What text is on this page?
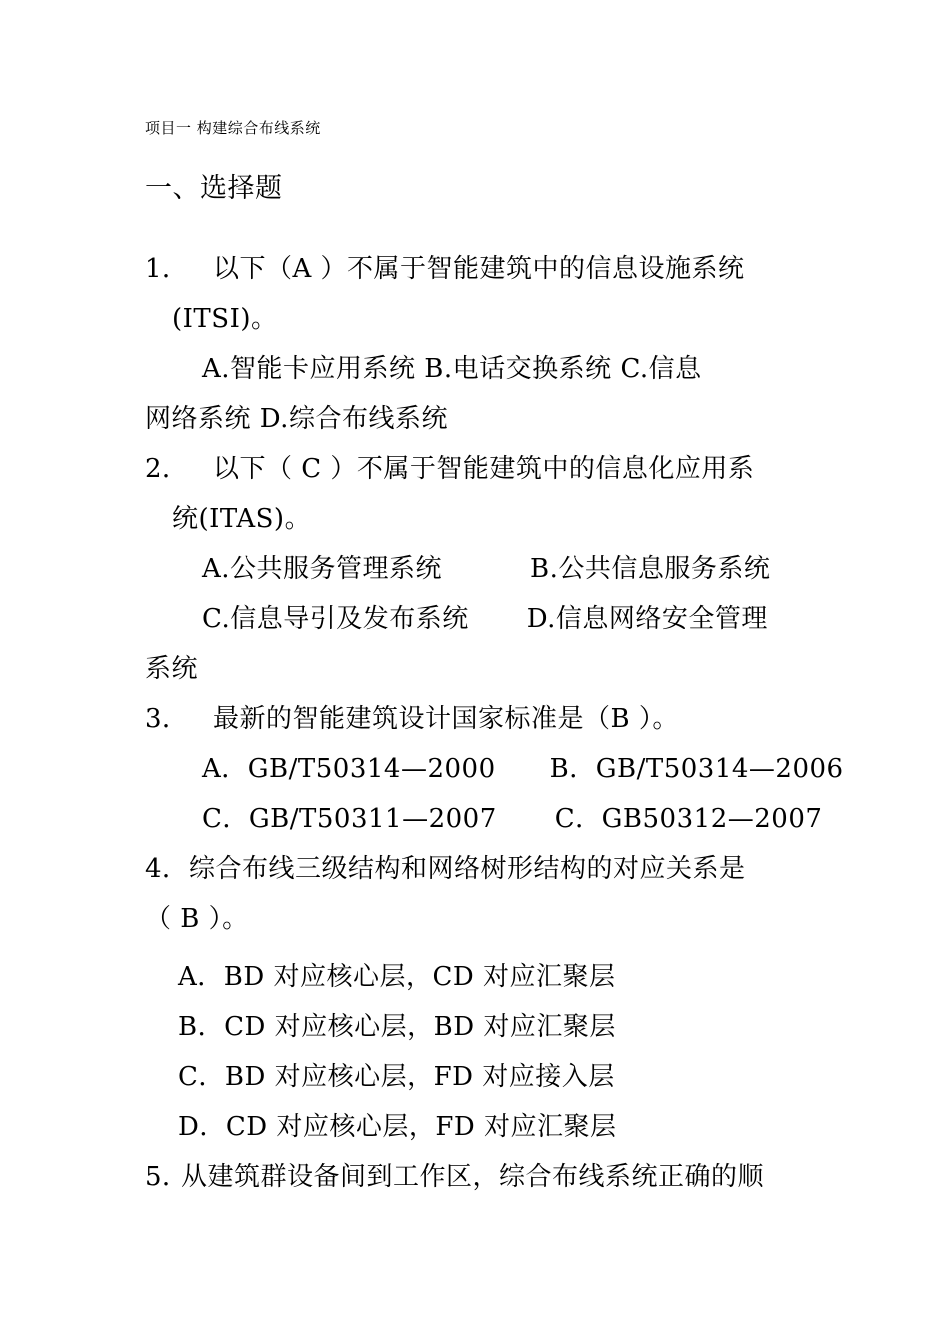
项目一 构建综合布线系统
一、选择题
1． 以下（A ）不属于智能建筑中的信息设施系统
(ITSI)。
A.智能卡应用系统 B.电话交换系统 C.信息
网络系统 D.综合布线系统
2． 以下（ C ）不属于智能建筑中的信息化应用系
统(ITAS)。
A.公共服务管理系统	B.公共信息服务系统
C.信息导引及发布系统 D.信息网络安全管理
系统
3． 最新的智能建筑设计国家标准是（B ）。
A．GB/T50314—2000 B．GB/T50314—2006
C．GB/T50311—2007 C．GB50312—2007
4．综合布线三级结构和网络树形结构的对应关系是
（ B ）。
A．BD 对应核心层，CD 对应汇聚层
B．CD 对应核心层，BD 对应汇聚层
C．BD 对应核心层，FD 对应接入层
D．CD 对应核心层，FD 对应汇聚层
5．从建筑群设备间到工作区，综合布线系统正确的顺
